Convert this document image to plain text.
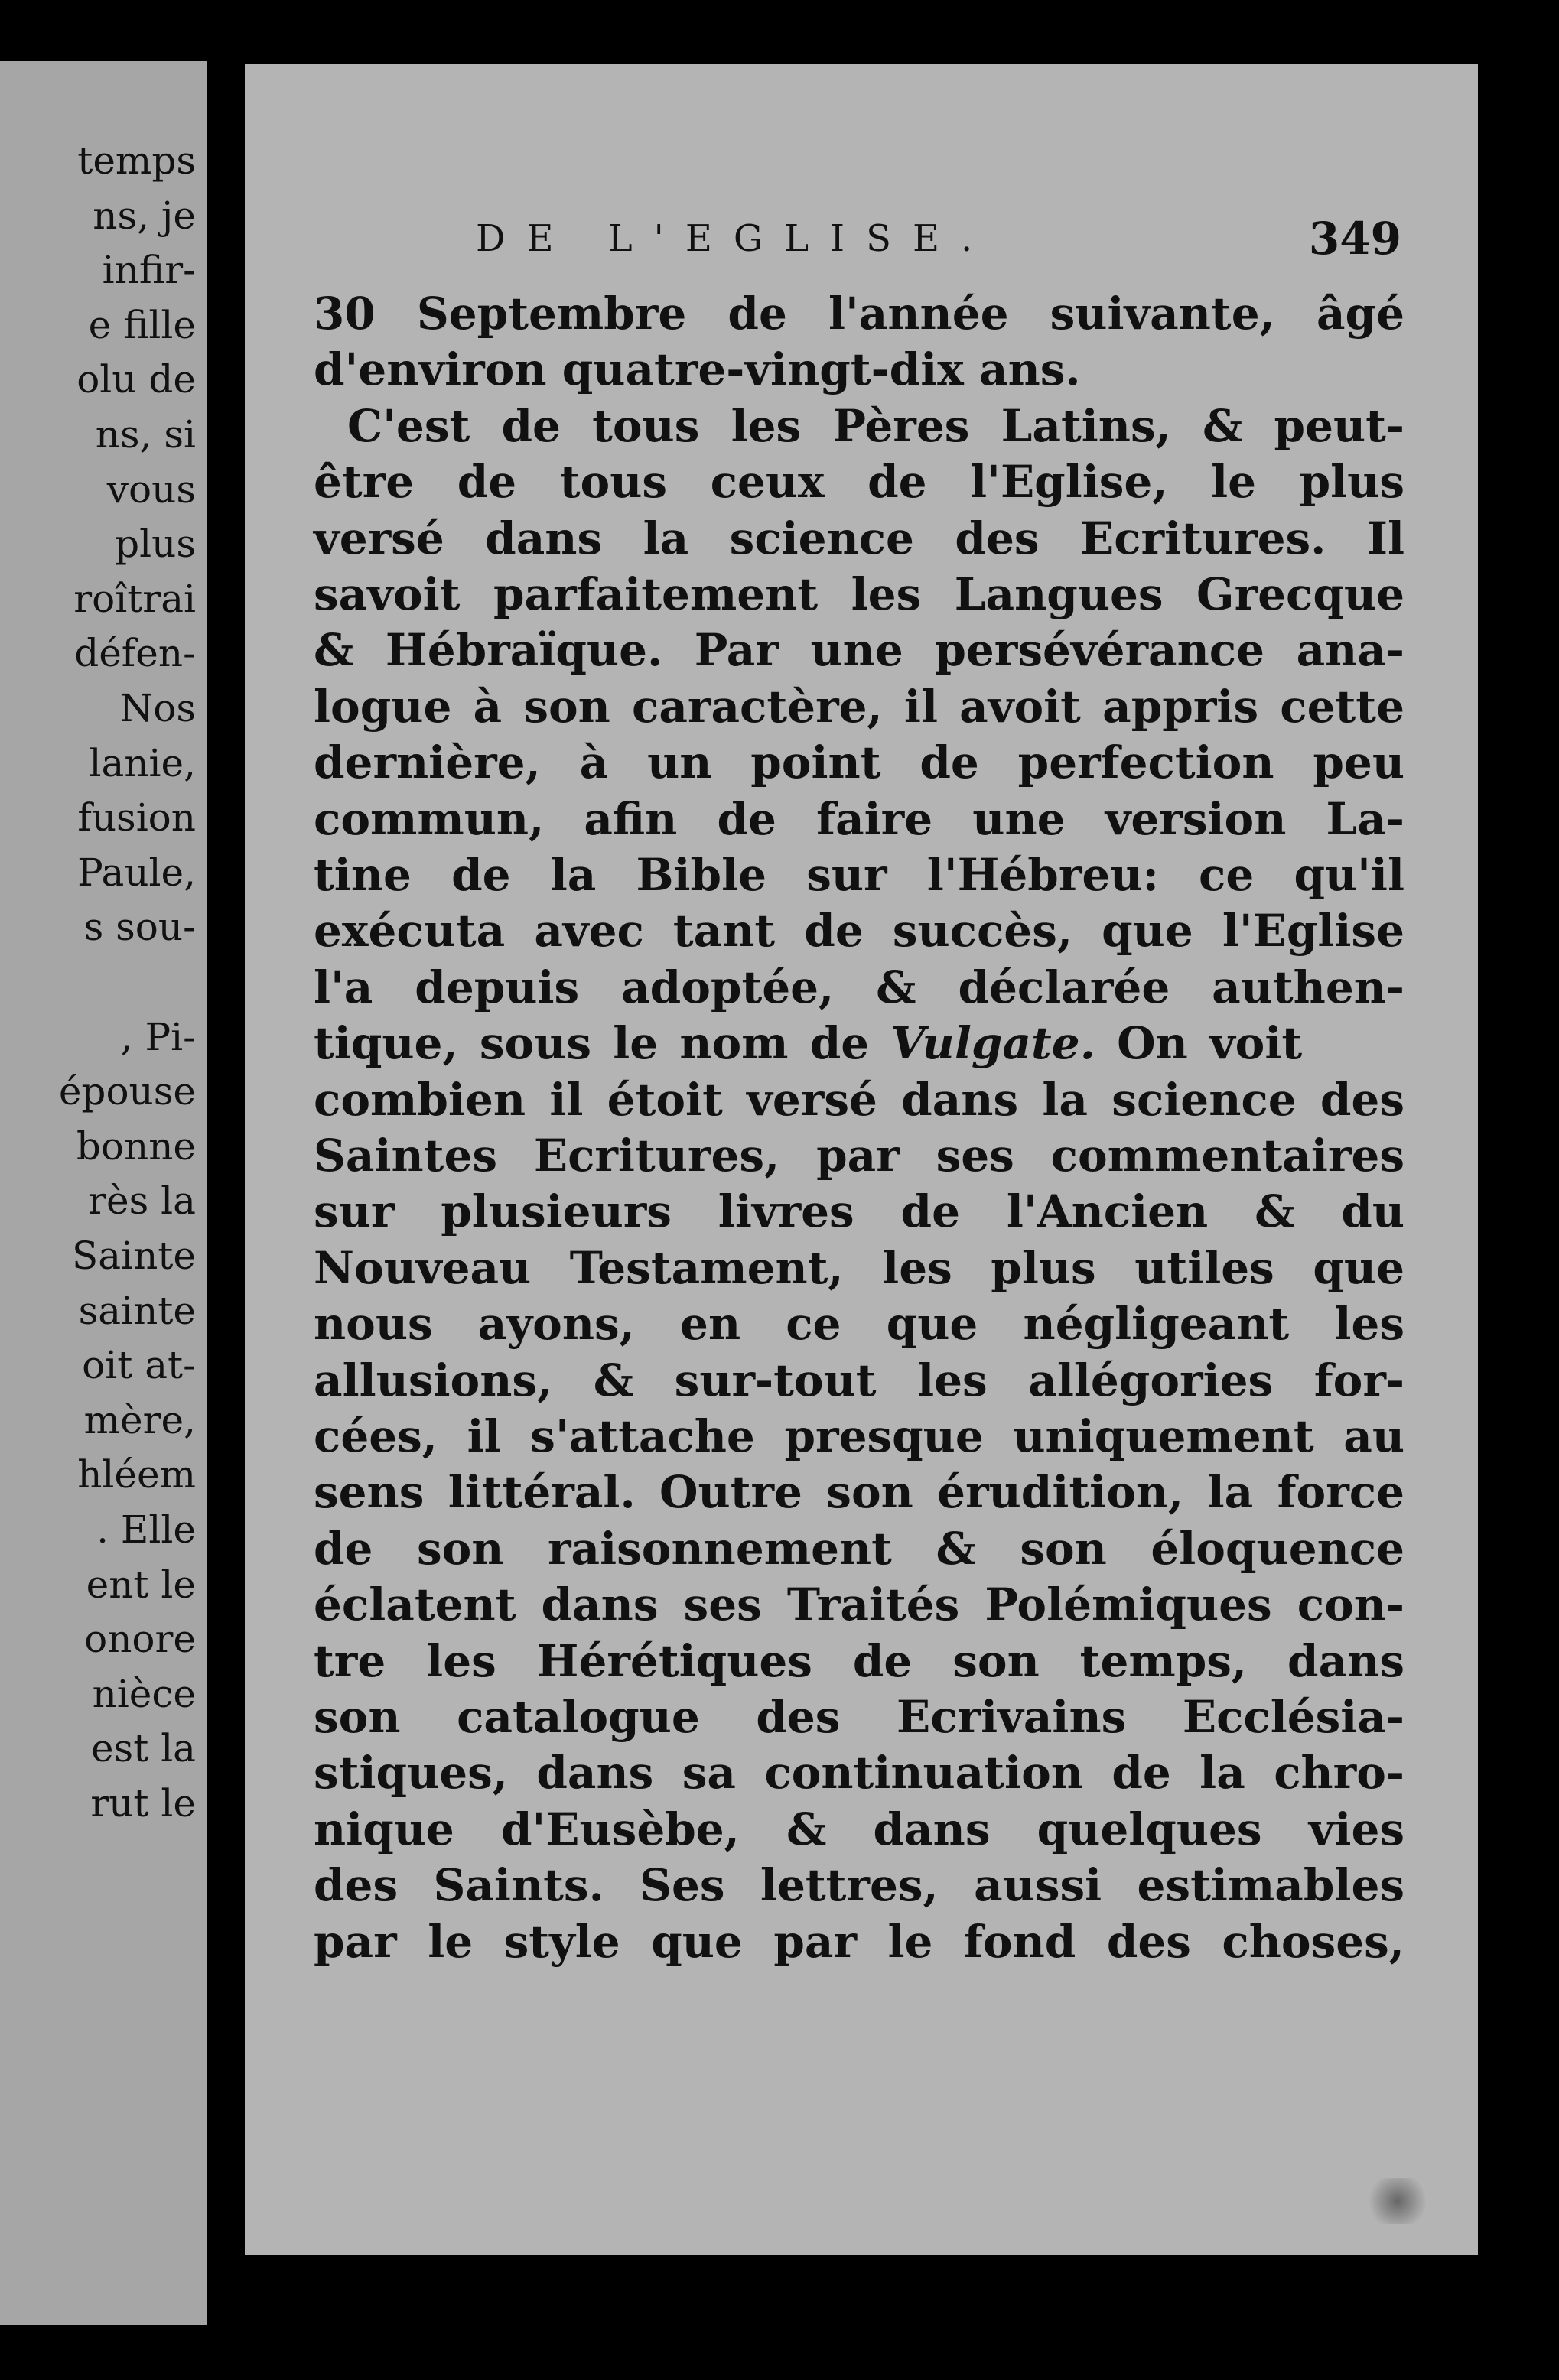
temps
ns, je
infir-
e fille
olu de
ns, si
vous
plus
roîtrai
défen-
Nos
lanie,
fusion
Paule,
s sou-
, Pi-
épouse
bonne
rès la
Sainte
sainte
oit at-
mère,
hléem
. Elle
ent le
onore
nièce
est la
rut le
DE L'EGLISE.	349
30 Septembre de l'année suivante, âgé
d'environ quatre-vingt-dix ans.
C'est de tous les Pères Latins, & peut-
être de tous ceux de l'Eglise, le plus
versé dans la science des Ecritures. Il
savoit parfaitement les Langues Grecque
& Hébraïque. Par une persévérance ana-
logue à son caractère, il avoit appris cette
dernière, à un point de perfection peu
commun, afin de faire une version La-
tine de la Bible sur l'Hébreu: ce qu'il
exécuta avec tant de succès, que l'Eglise
l'a depuis adoptée, & déclarée authen-
tique, sous le nom de Vulgate. On voit
combien il étoit versé dans la science des
Saintes Ecritures, par ses commentaires
sur plusieurs livres de l'Ancien & du
Nouveau Testament, les plus utiles que
nous ayons, en ce que négligeant les
allusions, & sur-tout les allégories for-
cées, il s'attache presque uniquement au
sens littéral. Outre son érudition, la force
de son raisonnement & son éloquence
éclatent dans ses Traités Polémiques con-
tre les Hérétiques de son temps, dans
son catalogue des Ecrivains Ecclésia-
stiques, dans sa continuation de la chro-
nique d'Eusèbe, & dans quelques vies
des Saints. Ses lettres, aussi estimables
par le style que par le fond des choses,
